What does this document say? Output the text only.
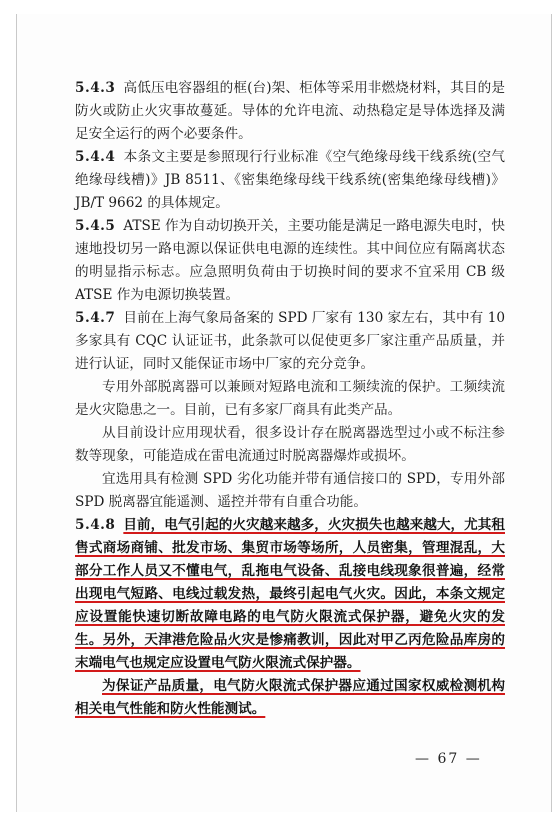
5.4.3 高低压电容器组的框(台)架、柜体等采用非燃烧材料，其目的是防火或防止火灾事故蔓延。导体的允许电流、动热稳定是导体选择及满足安全运行的两个必要条件。

5.4.4 本条文主要是参照现行行业标准《空气绝缘母线干线系统(空气绝缘母线槽)》JB 8511、《密集绝缘母线干线系统(密集绝缘母线槽)》JB/T 9662 的具体规定。

5.4.5 ATSE 作为自动切换开关，主要功能是满足一路电源失电时，快速地投切另一路电源以保证供电电源的连续性。其中间位应有隔离状态的明显指示标志。应急照明负荷由于切换时间的要求不宜采用 CB 级 ATSE 作为电源切换装置。

5.4.7 目前在上海气象局备案的 SPD 厂家有 130 家左右，其中有 10 多家具有 CQC 认证证书，此条款可以促使更多厂家注重产品质量，并进行认证，同时又能保证市场中厂家的充分竞争。

专用外部脱离器可以兼顾对短路电流和工频续流的保护。工频续流是火灾隐患之一。目前，已有多家厂商具有此类产品。

从目前设计应用现状看，很多设计存在脱离器选型过小或不标注参数等现象，可能造成在雷电流通过时脱离器爆炸或损坏。

宜选用具有检测 SPD 劣化功能并带有通信接口的 SPD，专用外部 SPD 脱离器宜能遥测、遥控并带有自重合功能。

5.4.8 目前，电气引起的火灾越来越多，火灾损失也越来越大，尤其租售式商场商铺、批发市场、集贸市场等场所，人员密集，管理混乱，大部分工作人员又不懂电气，乱拖电气设备、乱接电线现象很普遍，经常出现电气短路、电线过载发热，最终引起电气火灾。因此，本条文规定应设置能快速切断故障电路的电气防火限流式保护器，避免火灾的发生。另外，天津港危险品火灾是惨痛教训，因此对甲乙丙危险品库房的末端电气也规定应设置电气防火限流式保护器。

为保证产品质量，电气防火限流式保护器应通过国家权威检测机构相关电气性能和防火性能测试。

— 67 —
